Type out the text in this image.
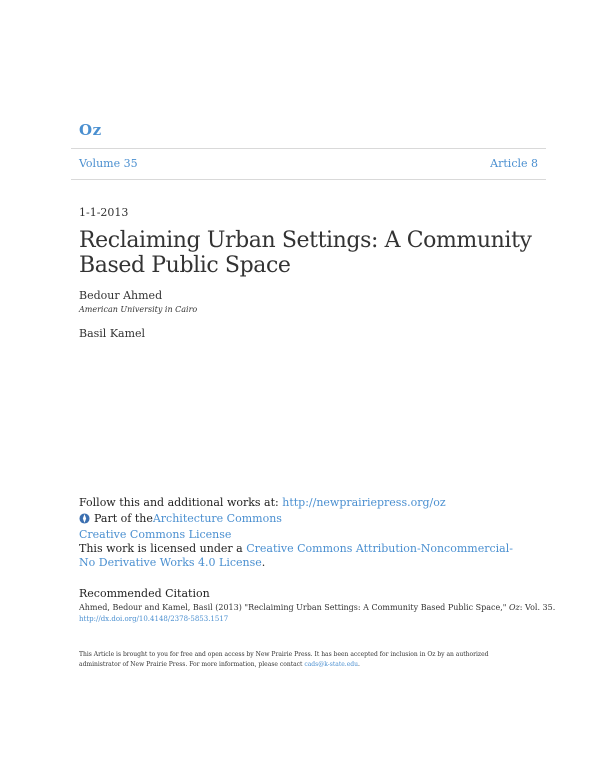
Oz
Volume 35	Article 8
1-1-2013
Reclaiming Urban Settings: A Community Based Public Space
Bedour Ahmed
American University in Cairo
Basil Kamel
Follow this and additional works at: http://newprairiepress.org/oz
Part of the Architecture Commons
Creative Commons License
This work is licensed under a Creative Commons Attribution-Noncommercial-No Derivative Works 4.0 License.
Recommended Citation
Ahmed, Bedour and Kamel, Basil (2013) "Reclaiming Urban Settings: A Community Based Public Space," Oz: Vol. 35.
http://dx.doi.org/10.4148/2378-5853.1517
This Article is brought to you for free and open access by New Prairie Press. It has been accepted for inclusion in Oz by an authorized administrator of New Prairie Press. For more information, please contact cads@k-state.edu.
